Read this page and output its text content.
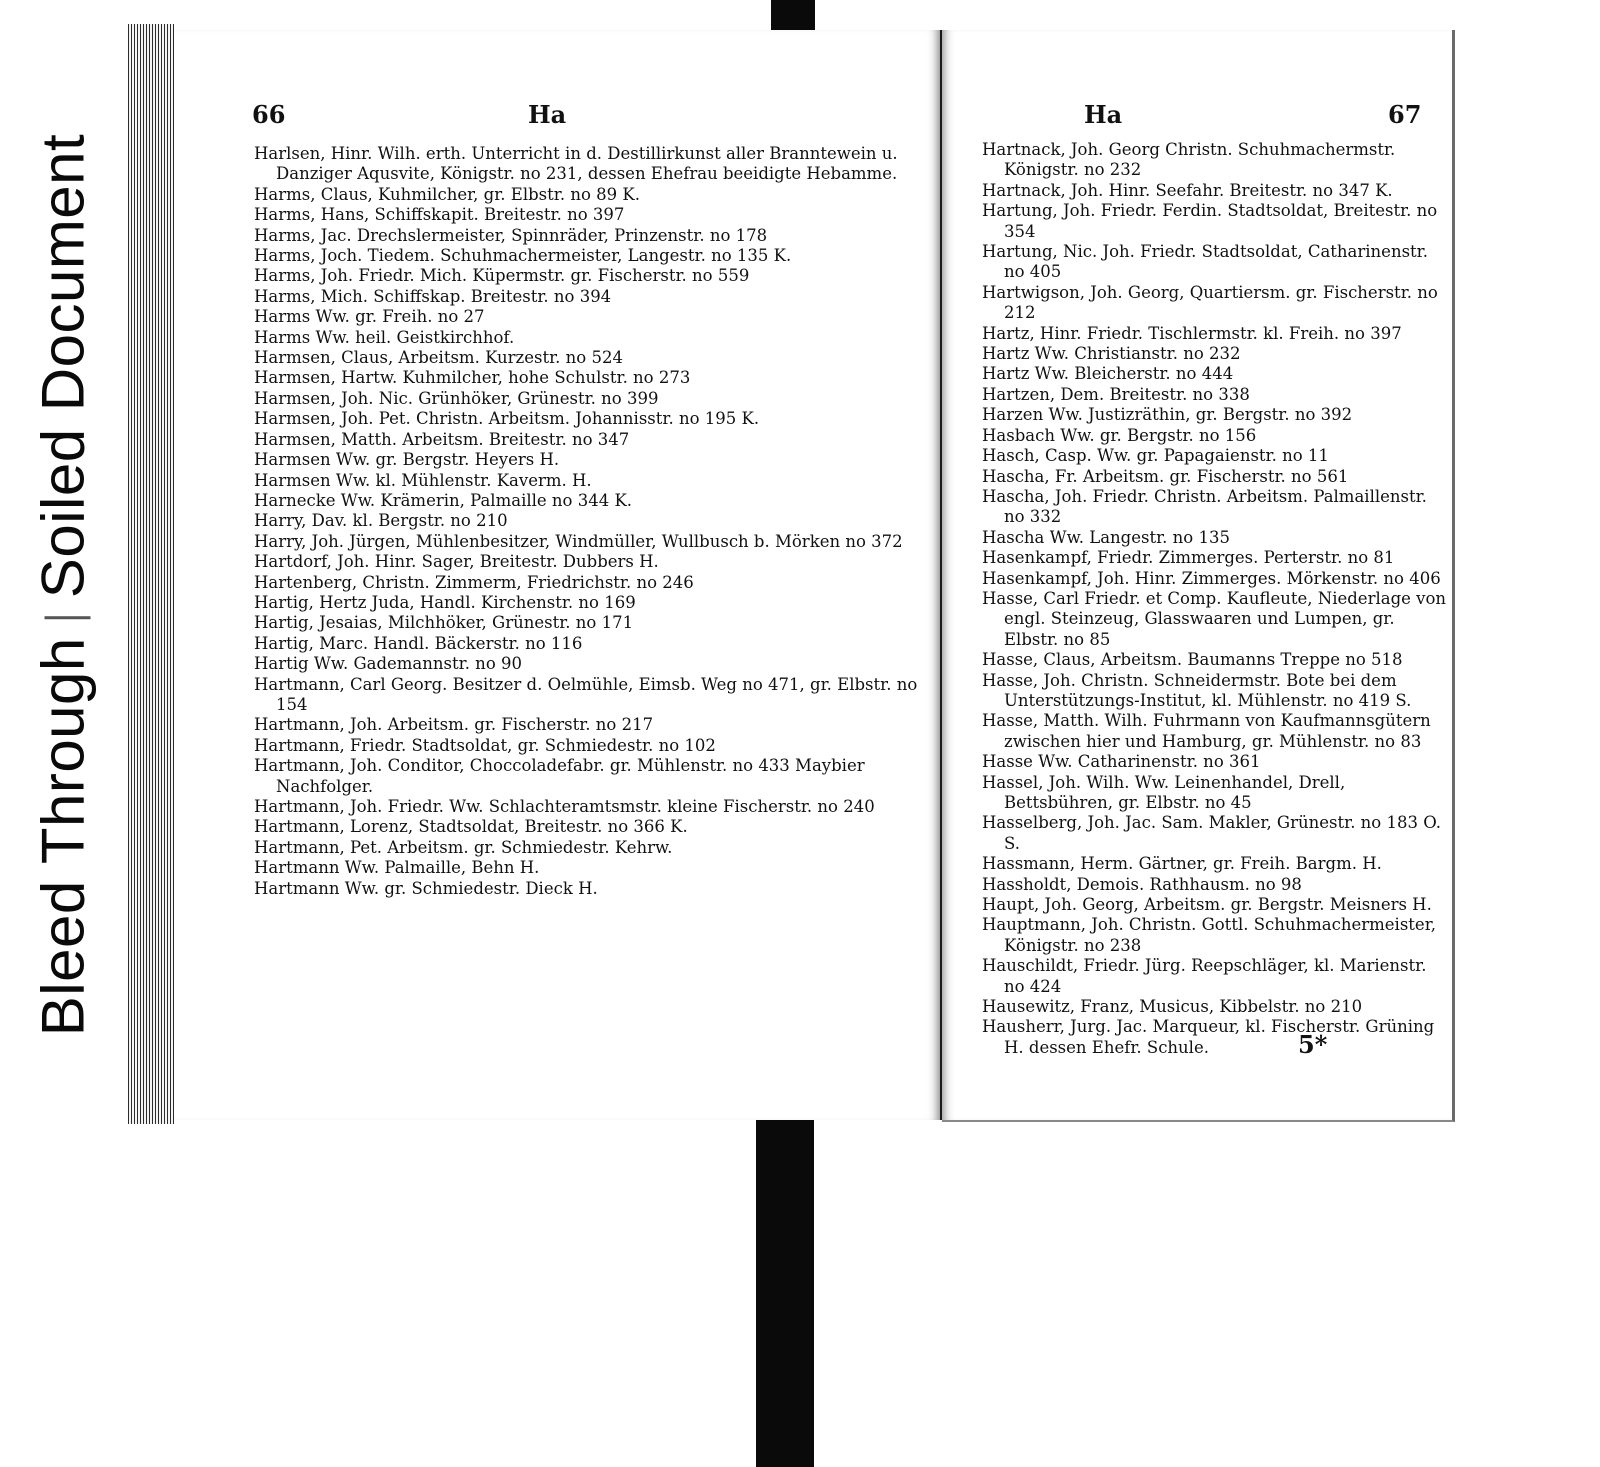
Bleed ThroughSoiled Document
66	Ha

Harlsen, Hinr. Wilh. erth. Unterricht in d. Destillirkunst aller Branntewein u. Danziger Aqusvite, Königstr. no 231, dessen Ehefrau beeidigte Hebamme.

Harms, Claus, Kuhmilcher, gr. Elbstr. no 89 K.

Harms, Hans, Schiffskapit. Breitestr. no 397

Harms, Jac. Drechslermeister, Spinnräder, Prinzenstr. no 178

Harms, Joch. Tiedem. Schuhmachermeister, Langestr. no 135 K.

Harms, Joh. Friedr. Mich. Küpermstr. gr. Fischerstr. no 559

Harms, Mich. Schiffskap. Breitestr. no 394

Harms Ww. gr. Freih. no 27

Harms Ww. heil. Geistkirchhof.

Harmsen, Claus, Arbeitsm. Kurzestr. no 524

Harmsen, Hartw. Kuhmilcher, hohe Schulstr. no 273

Harmsen, Joh. Nic. Grünhöker, Grünestr. no 399

Harmsen, Joh. Pet. Christn. Arbeitsm. Johannisstr. no 195 K.

Harmsen, Matth. Arbeitsm. Breitestr. no 347

Harmsen Ww. gr. Bergstr. Heyers H.

Harmsen Ww. kl. Mühlenstr. Kaverm. H.

Harnecke Ww. Krämerin, Palmaille no 344 K.

Harry, Dav. kl. Bergstr. no 210

Harry, Joh. Jürgen, Mühlenbesitzer, Windmüller, Wullbusch b. Mörken no 372

Hartdorf, Joh. Hinr. Sager, Breitestr. Dubbers H.

Hartenberg, Christn. Zimmerm, Friedrichstr. no 246

Hartig, Hertz Juda, Handl. Kirchenstr. no 169

Hartig, Jesaias, Milchhöker, Grünestr. no 171

Hartig, Marc. Handl. Bäckerstr. no 116

Hartig Ww. Gademannstr. no 90

Hartmann, Carl Georg. Besitzer d. Oelmühle, Eimsb. Weg no 471, gr. Elbstr. no 154

Hartmann, Joh. Arbeitsm. gr. Fischerstr. no 217

Hartmann, Friedr. Stadtsoldat, gr. Schmiedestr. no 102

Hartmann, Joh. Conditor, Choccoladefabr. gr. Mühlenstr. no 433 Maybier Nachfolger.

Hartmann, Joh. Friedr. Ww. Schlachteramtsmstr. kleine Fischerstr. no 240

Hartmann, Lorenz, Stadtsoldat, Breitestr. no 366 K.

Hartmann, Pet. Arbeitsm. gr. Schmiedestr. Kehrw.

Hartmann Ww. Palmaille, Behn H.

Hartmann Ww. gr. Schmiedestr. Dieck H.

Ha	67

Hartnack, Joh. Georg Christn. Schuhmachermstr. Königstr. no 232

Hartnack, Joh. Hinr. Seefahr. Breitestr. no 347 K.

Hartung, Joh. Friedr. Ferdin. Stadtsoldat, Breitestr. no 354

Hartung, Nic. Joh. Friedr. Stadtsoldat, Catharinenstr. no 405

Hartwigson, Joh. Georg, Quartiersm. gr. Fischerstr. no 212

Hartz, Hinr. Friedr. Tischlermstr. kl. Freih. no 397

Hartz Ww. Christianstr. no 232

Hartz Ww. Bleicherstr. no 444

Hartzen, Dem. Breitestr. no 338

Harzen Ww. Justizräthin, gr. Bergstr. no 392

Hasbach Ww. gr. Bergstr. no 156

Hasch, Casp. Ww. gr. Papagaienstr. no 11

Hascha, Fr. Arbeitsm. gr. Fischerstr. no 561

Hascha, Joh. Friedr. Christn. Arbeitsm. Palmaillenstr. no 332

Hascha Ww. Langestr. no 135

Hasenkampf, Friedr. Zimmerges. Perterstr. no 81

Hasenkampf, Joh. Hinr. Zimmerges. Mörkenstr. no 406

Hasse, Carl Friedr. et Comp. Kaufleute, Niederlage von engl. Steinzeug, Glasswaaren und Lumpen, gr. Elbstr. no 85

Hasse, Claus, Arbeitsm. Baumanns Treppe no 518

Hasse, Joh. Christn. Schneidermstr. Bote bei dem Unterstützungs-Institut, kl. Mühlenstr. no 419 S.

Hasse, Matth. Wilh. Fuhrmann von Kaufmannsgütern zwischen hier und Hamburg, gr. Mühlenstr. no 83

Hasse Ww. Catharinenstr. no 361

Hassel, Joh. Wilh. Ww. Leinenhandel, Drell, Bettsbühren, gr. Elbstr. no 45

Hasselberg, Joh. Jac. Sam. Makler, Grünestr. no 183 O. S.

Hassmann, Herm. Gärtner, gr. Freih. Bargm. H.

Hassholdt, Demois. Rathhausm. no 98

Haupt, Joh. Georg, Arbeitsm. gr. Bergstr. Meisners H.

Hauptmann, Joh. Christn. Gottl. Schuhmachermeister, Königstr. no 238

Hauschildt, Friedr. Jürg. Reepschläger, kl. Marienstr. no 424

Hausewitz, Franz, Musicus, Kibbelstr. no 210

Hausherr, Jurg. Jac. Marqueur, kl. Fischerstr. Grüning H. dessen Ehefr. Schule.	5*
